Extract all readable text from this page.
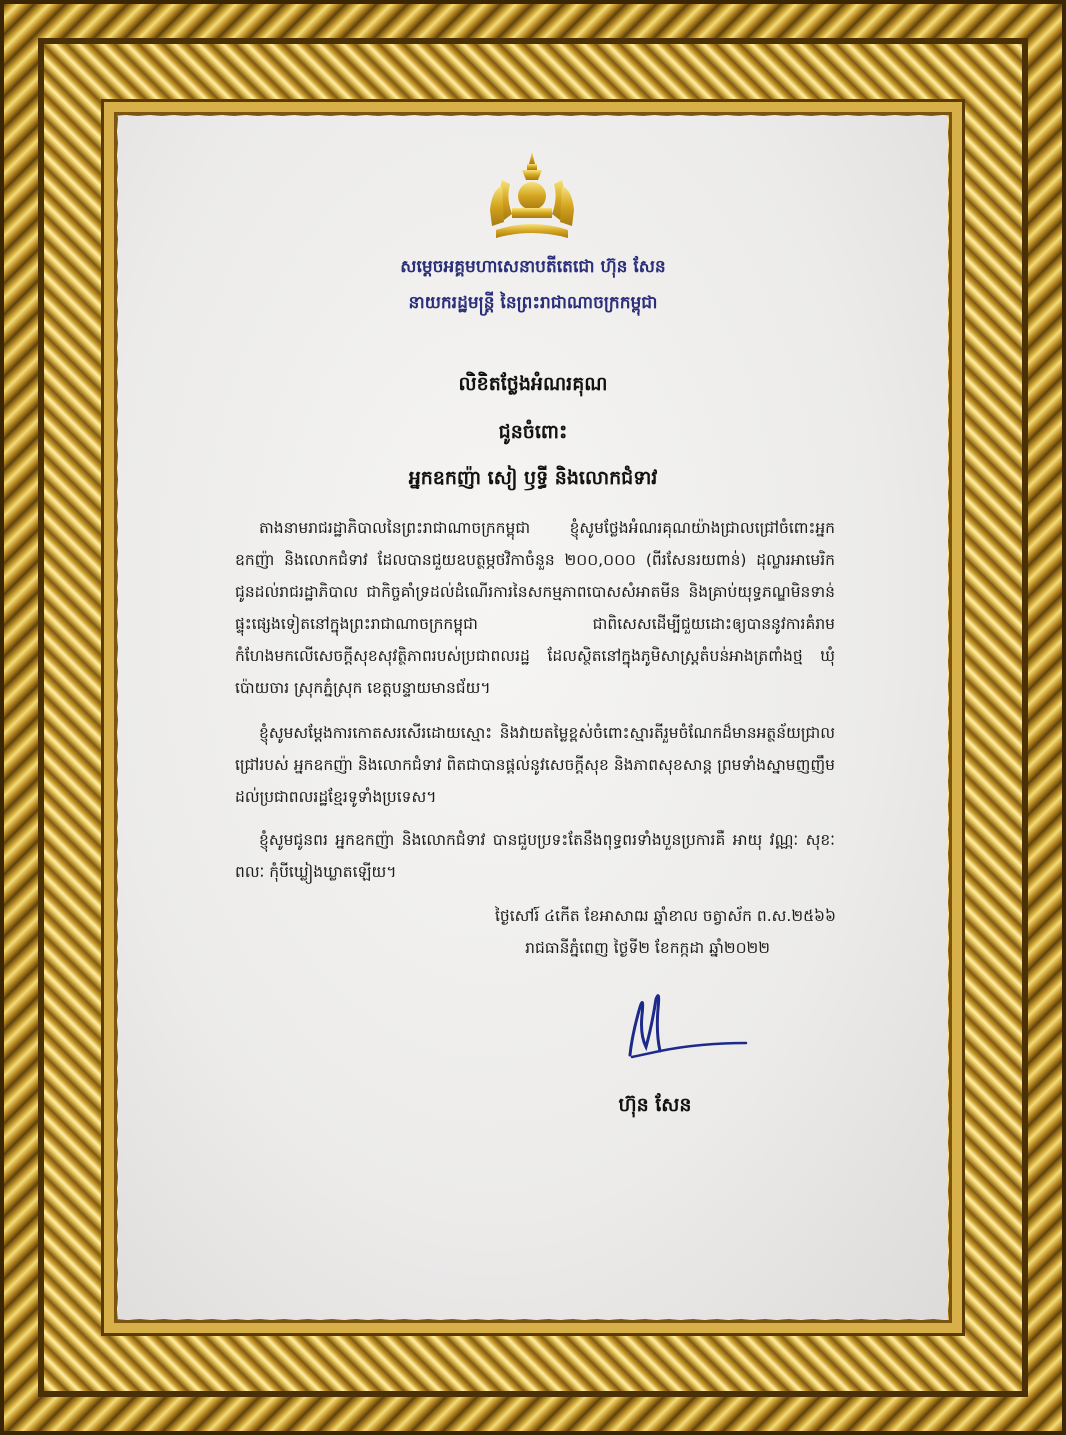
សម្តេចអគ្គមហាសេនាបតីតេជោ ហ៊ុន សែន
នាយករដ្ឋមន្ត្រី នៃព្រះរាជាណាចក្រកម្ពុជា
លិខិតថ្លែងអំណរគុណ
ជូនចំពោះ
អ្នកឧកញ៉ា សៀ ឫទ្ធី និងលោកជំទាវ
តាងនាមរាជរដ្ឋាភិបាលនៃព្រះរាជាណាចក្រកម្ពុជា ខ្ញុំសូមថ្លែងអំណរគុណយ៉ាងជ្រាលជ្រៅចំពោះអ្នកឧកញ៉ា និងលោកជំទាវ ដែលបានជួយឧបត្ថម្ភថវិកាចំនួន ២០០,០០០ (ពីរសែនរយពាន់) ដុល្លារអាមេរិក ជូនដល់រាជរដ្ឋាភិបាល ជាកិច្ចគាំទ្រដល់ដំណើរការនៃសកម្មភាពបោសសំអាតមីន និងគ្រាប់យុទ្ធភណ្ឌមិនទាន់ផ្ទុះផ្សេងទៀតនៅក្នុងព្រះរាជាណាចក្រកម្ពុជា ជាពិសេសដើម្បីជួយដោះឲ្យបាននូវការគំរាមកំហែងមកលើសេចក្តីសុខសុវត្ថិភាពរបស់ប្រជាពលរដ្ឋ ដែលស្ថិតនៅក្នុងភូមិសាស្ត្រតំបន់អាងត្រពាំងថ្ម ឃុំប៉ោយចារ ស្រុកភ្នំស្រុក ខេត្តបន្ទាយមានជ័យ។
ខ្ញុំសូមសម្តែងការកោតសរសើរដោយស្មោះ និងវាយតម្លៃខ្ពស់ចំពោះស្មារតីរួមចំណែកដ៏មានអត្ថន័យជ្រាលជ្រៅរបស់ អ្នកឧកញ៉ា និងលោកជំទាវ ពិតជាបានផ្តល់នូវសេចក្តីសុខ និងភាពសុខសាន្ត ព្រមទាំងស្នាមញញឹមដល់ប្រជាពលរដ្ឋខ្មែរទូទាំងប្រទេស។
ខ្ញុំសូមជូនពរ អ្នកឧកញ៉ា និងលោកជំទាវ បានជួបប្រទះតែនឹងពុទ្ធពរទាំងបួនប្រការគឺ អាយុ វណ្ណៈ សុខៈ ពលៈ កុំបីឃ្លៀងឃ្លាតឡើយ។
ថ្ងៃសៅរ៍ ៤កើត ខែអាសាឍ ឆ្នាំខាល ចត្វាស័ក ព.ស.២៥៦៦
រាជធានីភ្នំពេញ ថ្ងៃទី២ ខែកក្កដា ឆ្នាំ២០២២
ហ៊ុន សែន
